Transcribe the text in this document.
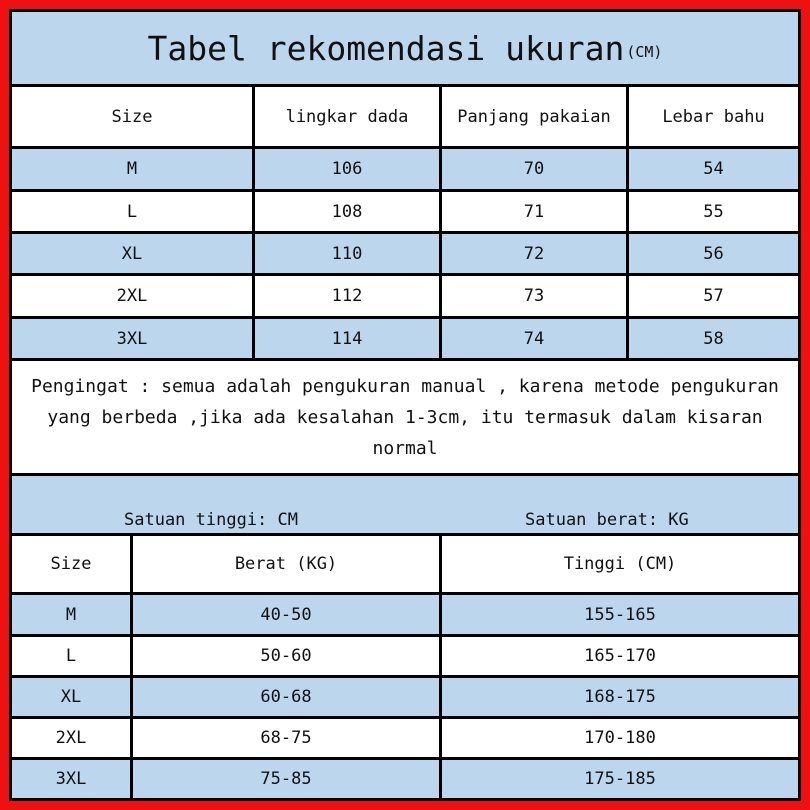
Tabel rekomendasi ukuran (CM)
Size	lingkar dada	Panjang pakaian	Lebar bahu
M	106	70	54
L	108	71	55
XL	110	72	56
2XL	112	73	57
3XL	114	74	58
Pengingat : semua adalah pengukuran manual , karena metode pengukuran yang berbeda ,jika ada kesalahan 1-3cm, itu termasuk dalam kisaran normal
Satuan tinggi: CM	Satuan berat: KG
Size	Berat (KG)	Tinggi (CM)
M	40-50	155-165
L	50-60	165-170
XL	60-68	168-175
2XL	68-75	170-180
3XL	75-85	175-185
